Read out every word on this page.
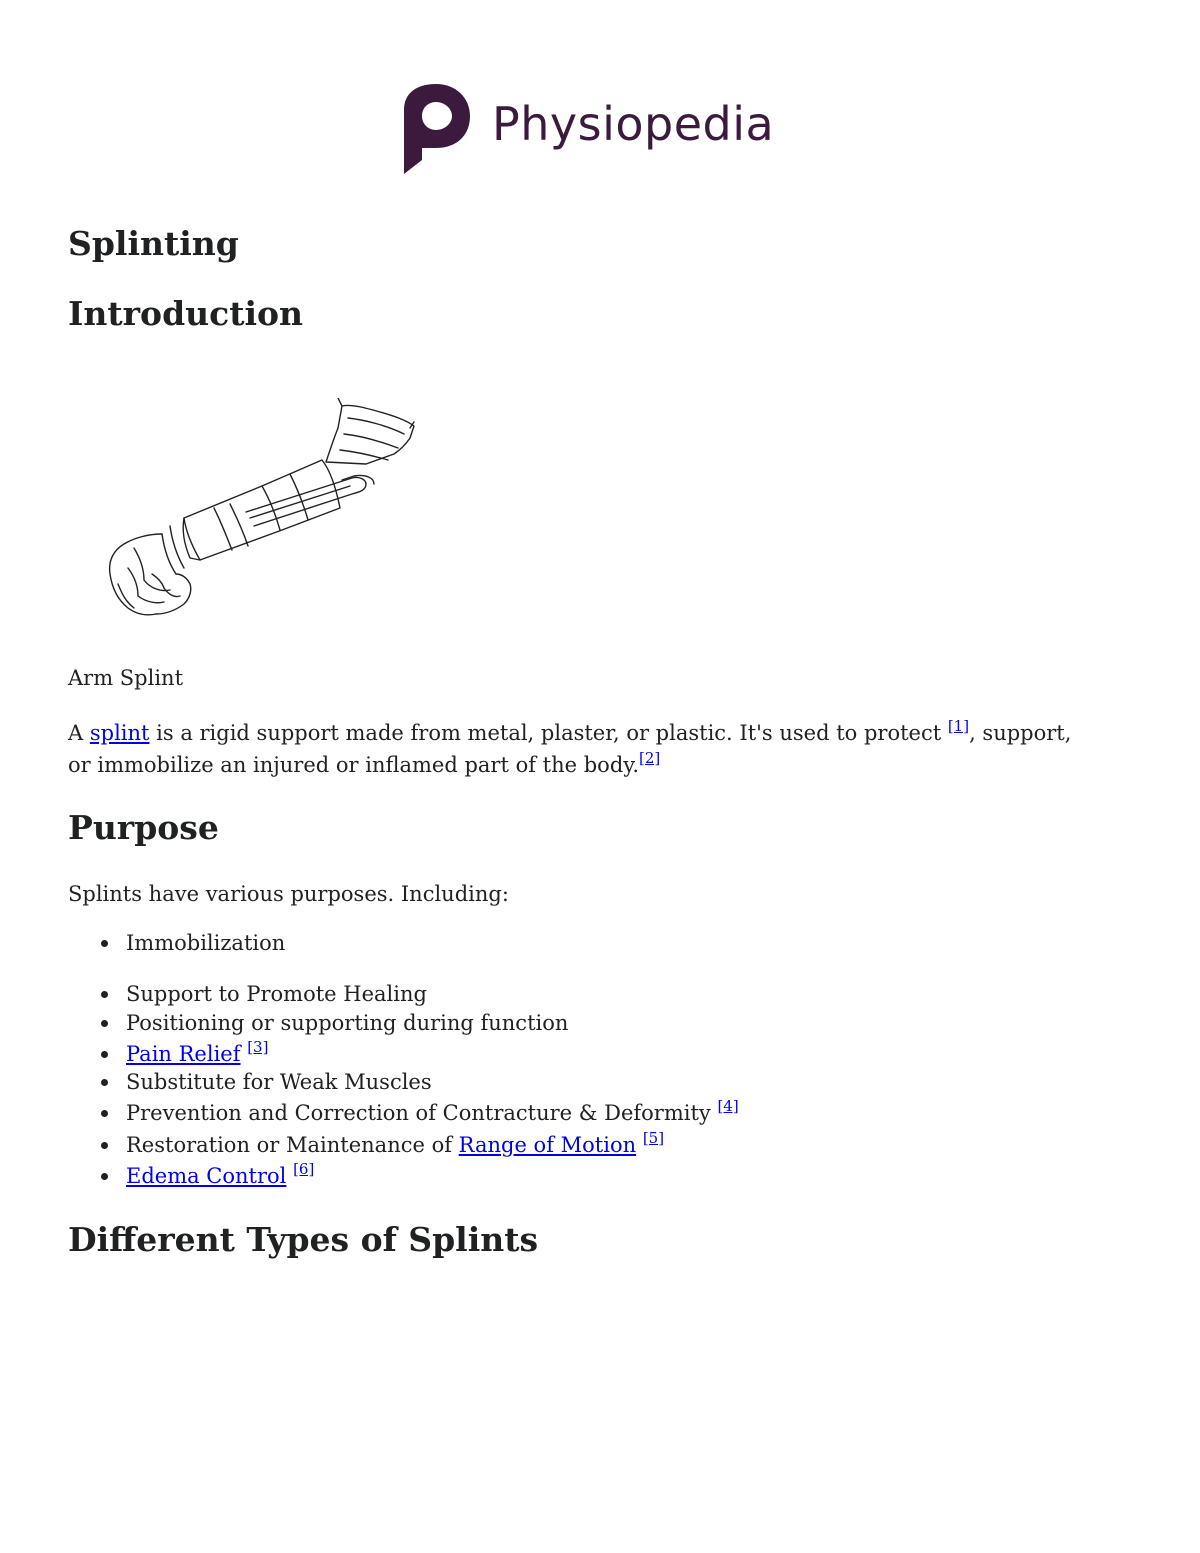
Physiopedia
Splinting
Introduction

Arm Splint

A splint is a rigid support made from metal, plaster, or plastic. It's used to protect [1], support,

or immobilize an injured or inflamed part of the body.[2]

Purpose

Splints have various purposes. Including:

Immobilization
Support to Promote Healing
Positioning or supporting during function
Pain Relief [3]
Substitute for Weak Muscles
Prevention and Correction of Contracture & Deformity [4]
Restoration or Maintenance of Range of Motion [5]
Edema Control [6]
Different Types of Splints
